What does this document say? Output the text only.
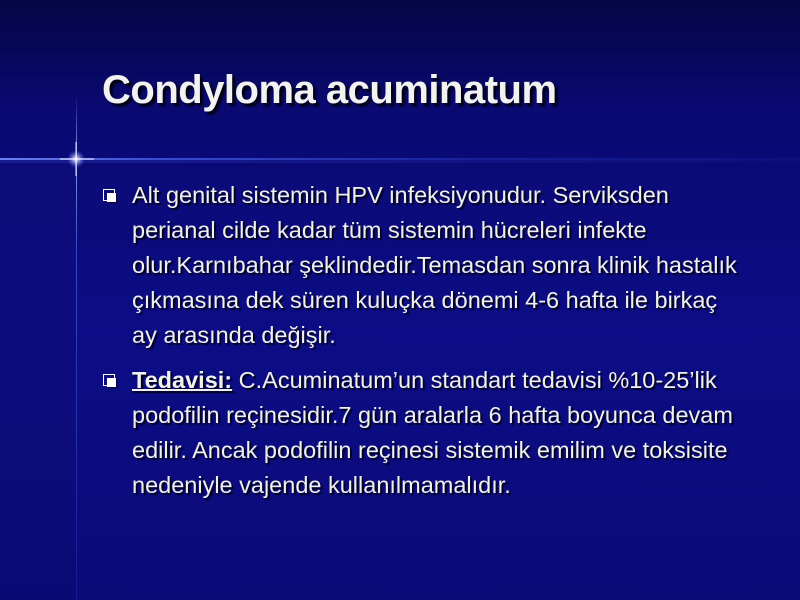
Condyloma acuminatum
Alt genital sistemin HPV infeksiyonudur. Serviksden perianal cilde kadar tüm sistemin hücreleri infekte olur.Karnıbahar şeklindedir.Temasdan sonra klinik hastalık çıkmasına dek süren kuluçka dönemi 4-6 hafta ile birkaç ay arasında değişir.
Tedavisi: C.Acuminatum’un standart tedavisi %10-25’lik podofilin reçinesidir.7 gün aralarla 6 hafta boyunca devam edilir. Ancak podofilin reçinesi sistemik emilim ve toksisite nedeniyle vajende kullanılmamalıdır.
